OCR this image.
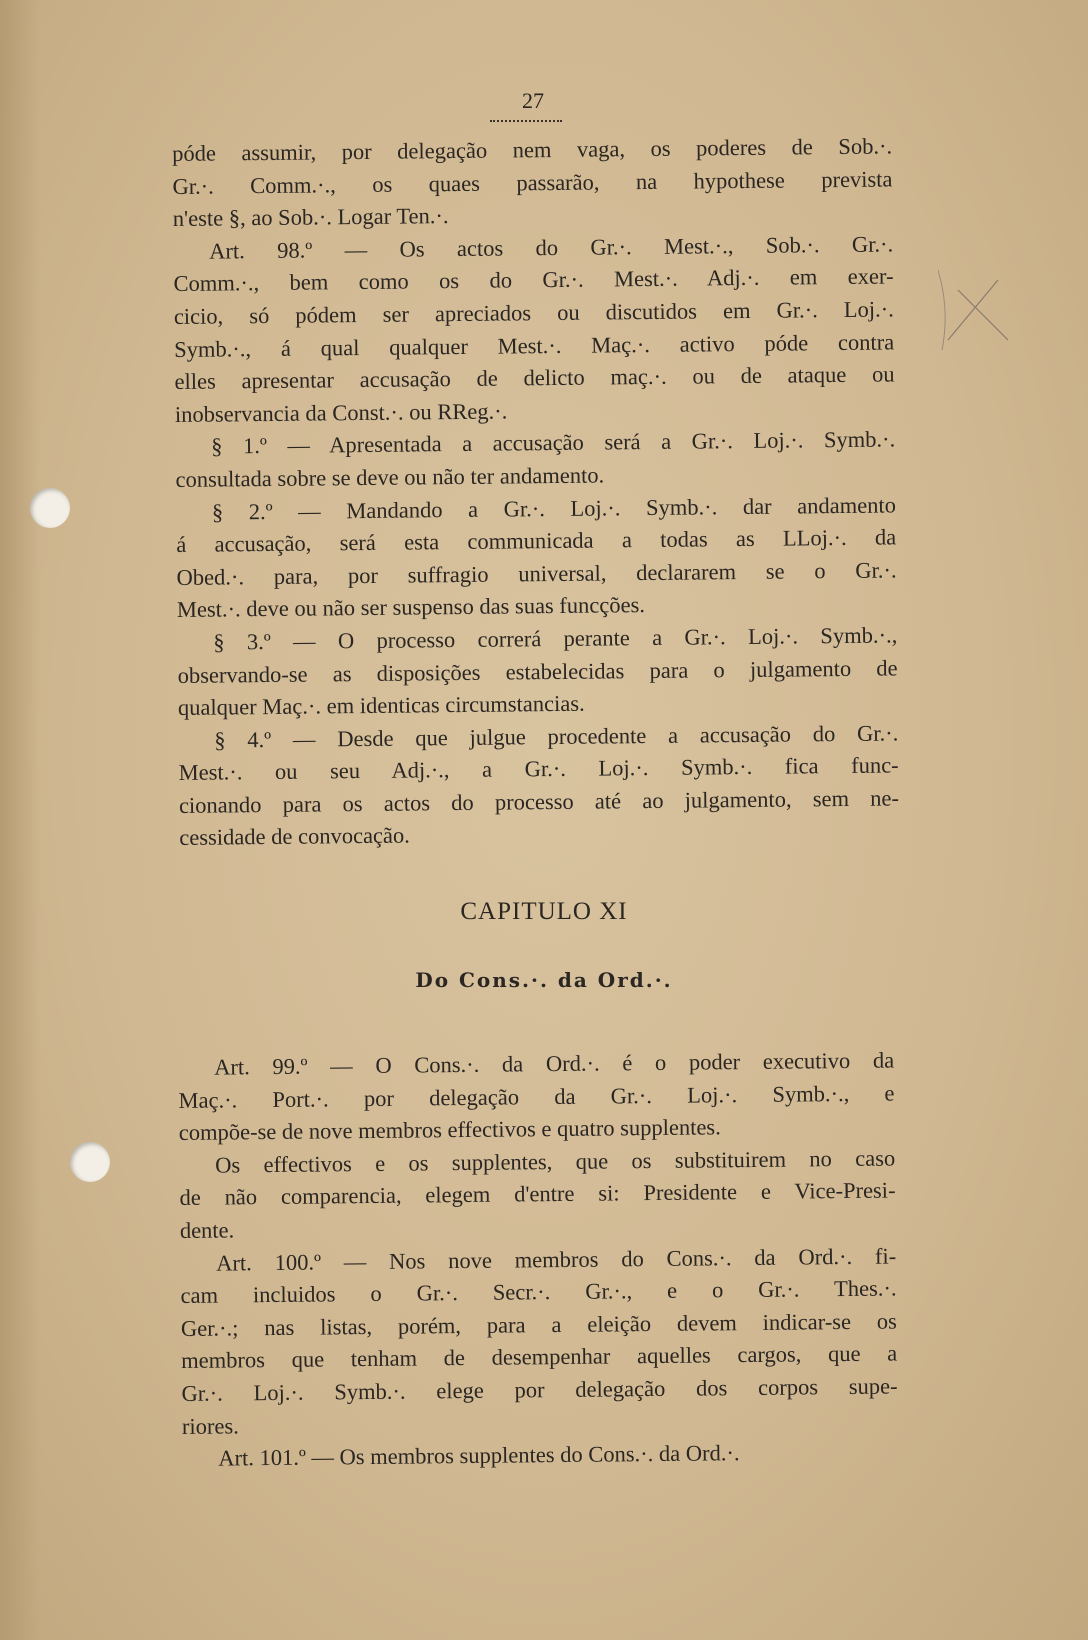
27
póde assumir, por delegação nem vaga, os poderes de Sob.·.
Gr.·. Comm.·., os quaes passarão, na hypothese prevista
n'este §, ao Sob.·. Logar Ten.·.
Art. 98.º — Os actos do Gr.·. Mest.·., Sob.·. Gr.·.
Comm.·., bem como os do Gr.·. Mest.·. Adj.·. em exer-
cicio, só pódem ser apreciados ou discutidos em Gr.·. Loj.·.
Symb.·., á qual qualquer Mest.·. Maç.·. activo póde contra
elles apresentar accusação de delicto maç.·. ou de ataque ou
inobservancia da Const.·. ou RReg.·.
§ 1.º — Apresentada a accusação será a Gr.·. Loj.·. Symb.·.
consultada sobre se deve ou não ter andamento.
§ 2.º — Mandando a Gr.·. Loj.·. Symb.·. dar andamento
á accusação, será esta communicada a todas as LLoj.·. da
Obed.·. para, por suffragio universal, declararem se o Gr.·.
Mest.·. deve ou não ser suspenso das suas funcções.
§ 3.º — O processo correrá perante a Gr.·. Loj.·. Symb.·.,
observando-se as disposições estabelecidas para o julgamento de
qualquer Maç.·. em identicas circumstancias.
§ 4.º — Desde que julgue procedente a accusação do Gr.·.
Mest.·. ou seu Adj.·., a Gr.·. Loj.·. Symb.·. fica func-
cionando para os actos do processo até ao julgamento, sem ne-
cessidade de convocação.
CAPITULO XI
Do Cons.·. da Ord.·.
Art. 99.º — O Cons.·. da Ord.·. é o poder executivo da
Maç.·. Port.·. por delegação da Gr.·. Loj.·. Symb.·., e
compõe-se de nove membros effectivos e quatro supplentes.
Os effectivos e os supplentes, que os substituirem no caso
de não comparencia, elegem d'entre si: Presidente e Vice-Presi-
dente.
Art. 100.º — Nos nove membros do Cons.·. da Ord.·. fi-
cam incluidos o Gr.·. Secr.·. Gr.·., e o Gr.·. Thes.·.
Ger.·.; nas listas, porém, para a eleição devem indicar-se os
membros que tenham de desempenhar aquelles cargos, que a
Gr.·. Loj.·. Symb.·. elege por delegação dos corpos supe-
riores.
Art. 101.º — Os membros supplentes do Cons.·. da Ord.·.
